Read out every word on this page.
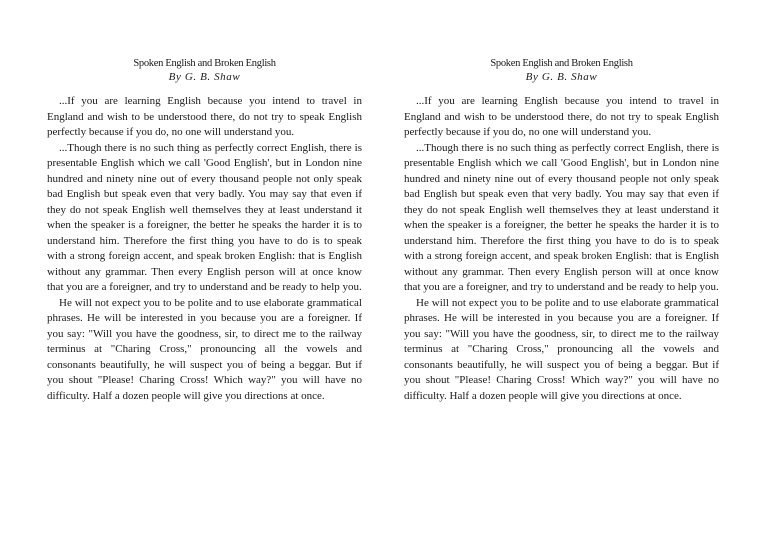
Spoken English and Broken English
By G. B. Shaw

...If you are learning English because you intend to travel in England and wish to be understood there, do not try to speak English perfectly because if you do, no one will understand you.

...Though there is no such thing as perfectly correct English, there is presentable English which we call 'Good English', but in London nine hundred and ninety nine out of every thousand people not only speak bad English but speak even that very badly. You may say that even if they do not speak English well themselves they at least understand it when the speaker is a foreigner, the better he speaks the harder it is to understand him. Therefore the first thing you have to do is to speak with a strong foreign accent, and speak broken English: that is English without any grammar. Then every English person will at once know that you are a foreigner, and try to understand and be ready to help you.

He will not expect you to be polite and to use elaborate grammatical phrases. He will be interested in you because you are a foreigner. If you say: "Will you have the goodness, sir, to direct me to the railway terminus at "Charing Cross," pronouncing all the vowels and consonants beautifully, he will suspect you of being a beggar. But if you shout "Please! Charing Cross! Which way?" you will have no difficulty. Half a dozen people will give you directions at once.

Spoken English and Broken English
By G. B. Shaw

...If you are learning English because you intend to travel in England and wish to be understood there, do not try to speak English perfectly because if you do, no one will understand you.

...Though there is no such thing as perfectly correct English, there is presentable English which we call 'Good English', but in London nine hundred and ninety nine out of every thousand people not only speak bad English but speak even that very badly. You may say that even if they do not speak English well themselves they at least understand it when the speaker is a foreigner, the better he speaks the harder it is to understand him. Therefore the first thing you have to do is to speak with a strong foreign accent, and speak broken English: that is English without any grammar. Then every English person will at once know that you are a foreigner, and try to understand and be ready to help you.

He will not expect you to be polite and to use elaborate grammatical phrases. He will be interested in you because you are a foreigner. If you say: "Will you have the goodness, sir, to direct me to the railway terminus at "Charing Cross," pronouncing all the vowels and consonants beautifully, he will suspect you of being a beggar. But if you shout "Please! Charing Cross! Which way?" you will have no difficulty. Half a dozen people will give you directions at once.
